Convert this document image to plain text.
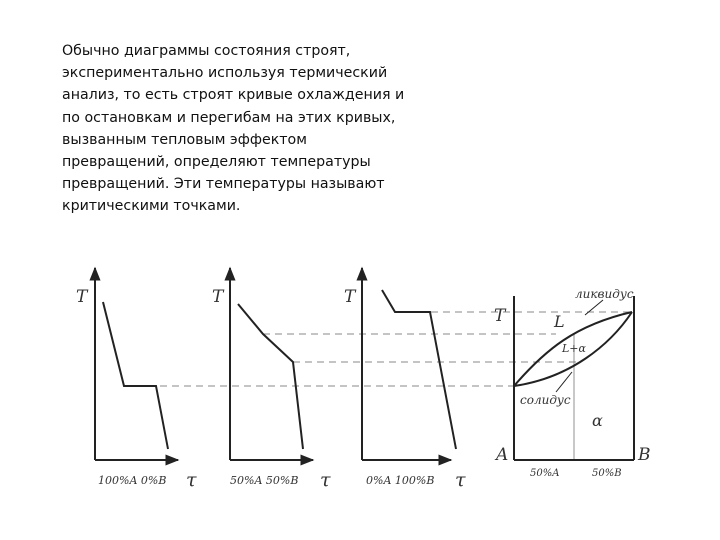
Обычно диаграммы состояния строят,
экспериментально используя термический
анализ, то есть строят кривые охлаждения и
по остановкам и перегибам на этих кривых,
вызванным тепловым эффектом
превращений, определяют температуры
превращений. Эти температуры называют
критическими точками.

T
τ
100%A 0%B
T
τ
50%A 50%B
T
τ
0%A 100%B
T
ликвидус
L
L+α
солидус
α
A	B
50%A	50%B
